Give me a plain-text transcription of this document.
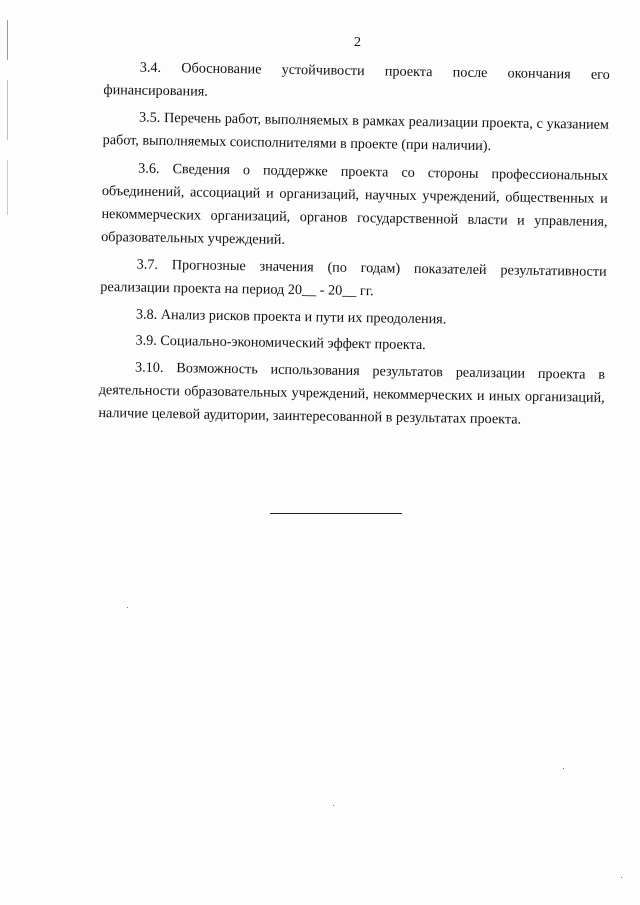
2

3.4. Обоснование устойчивости проекта после окончания его финансирования.

3.5. Перечень работ, выполняемых в рамках реализации проекта, с указанием работ, выполняемых соисполнителями в проекте (при наличии).

3.6. Сведения о поддержке проекта со стороны профессиональных объединений, ассоциаций и организаций, научных учреждений, общественных и некоммерческих организаций, органов государственной власти и управления, образовательных учреждений.

3.7. Прогнозные значения (по годам) показателей результативности реализации проекта на период 20__ - 20__ гг.

3.8. Анализ рисков проекта и пути их преодоления.

3.9. Социально-экономический эффект проекта.

3.10. Возможность использования результатов реализации проекта в деятельности образовательных учреждений, некоммерческих и иных организаций, наличие целевой аудитории, заинтересованной в результатах проекта.
